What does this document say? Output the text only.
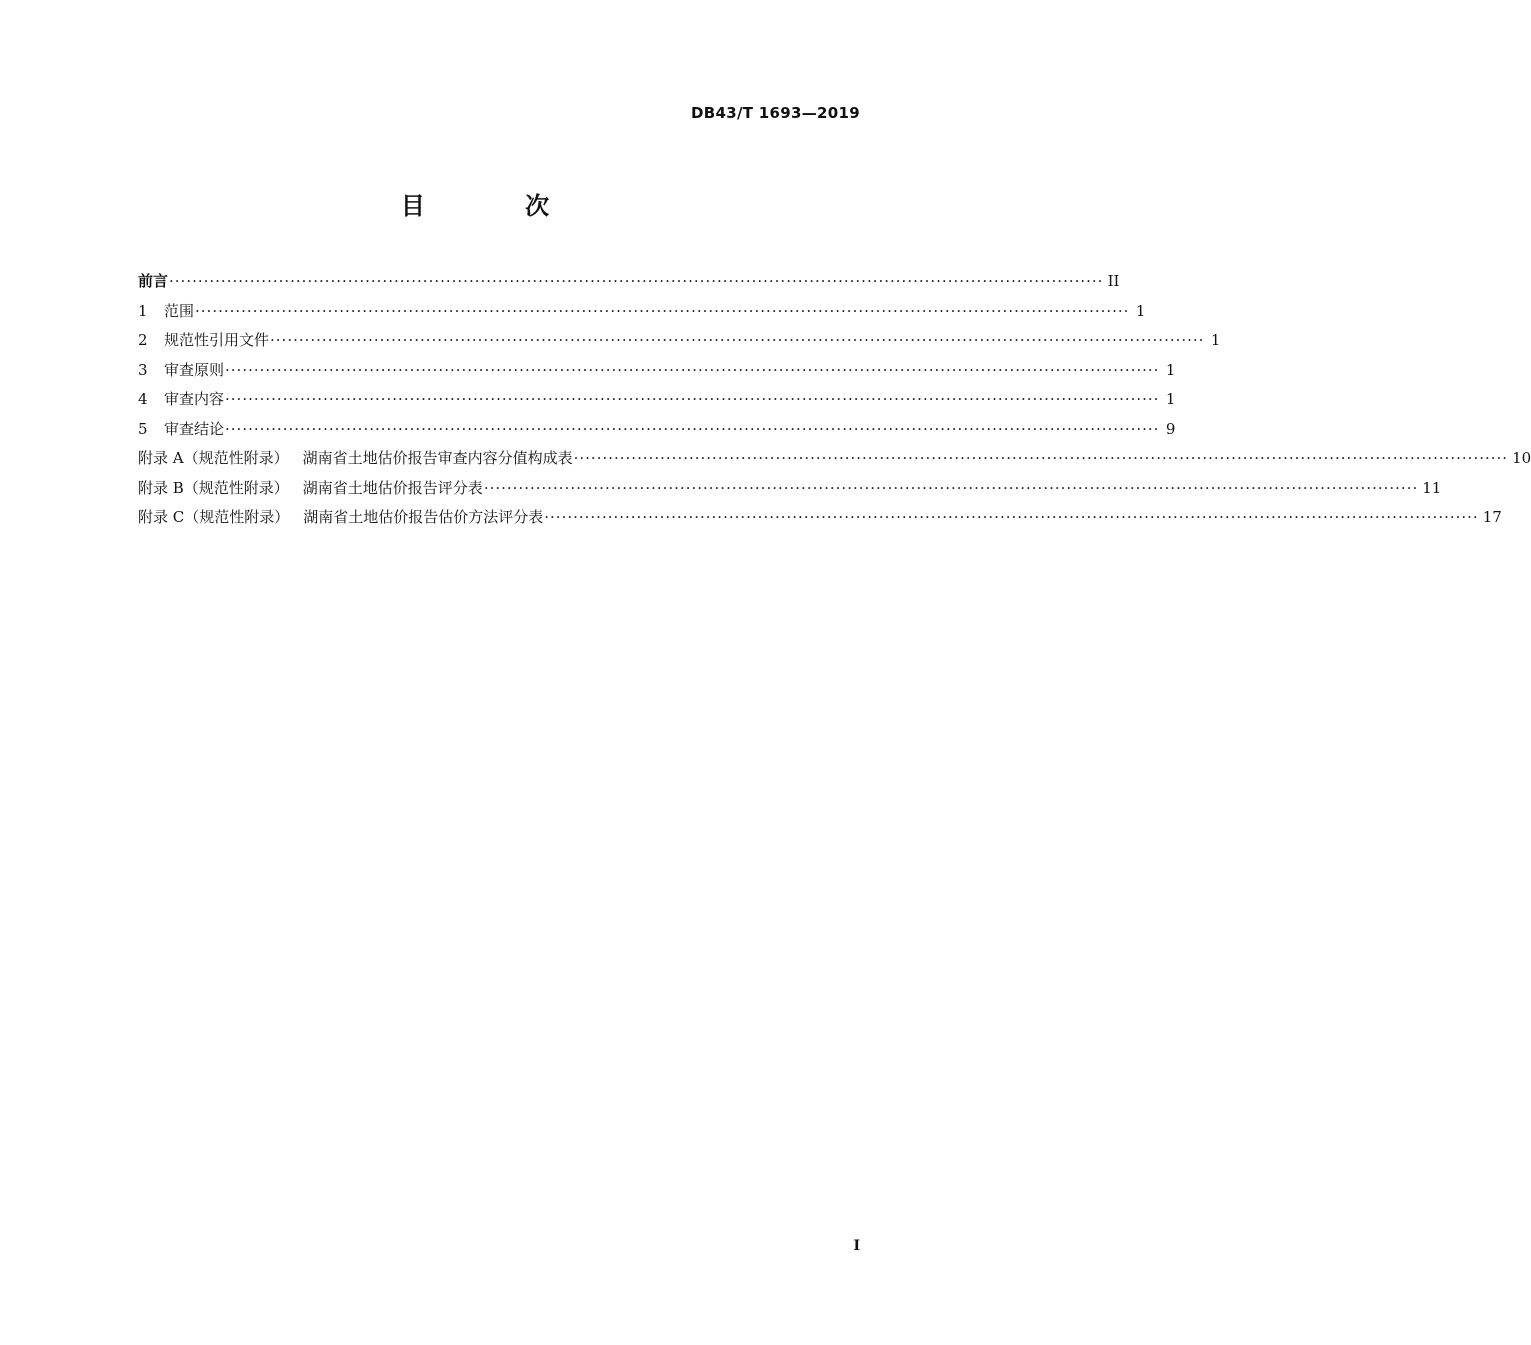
DB43/T 1693—2019
目 次
前言 ·································································································································································· II
1 范围 ·································································································································································· 1
2 规范性引用文件 ·································································································································································· 1
3 审查原则 ·································································································································································· 1
4 审查内容 ·································································································································································· 1
5 审查结论 ·································································································································································· 9
附录 A（规范性附录） 湖南省土地估价报告审查内容分值构成表 ·································································································································································· 10
附录 B（规范性附录） 湖南省土地估价报告评分表 ·································································································································································· 11
附录 C（规范性附录） 湖南省土地估价报告估价方法评分表 ·································································································································································· 17
I
